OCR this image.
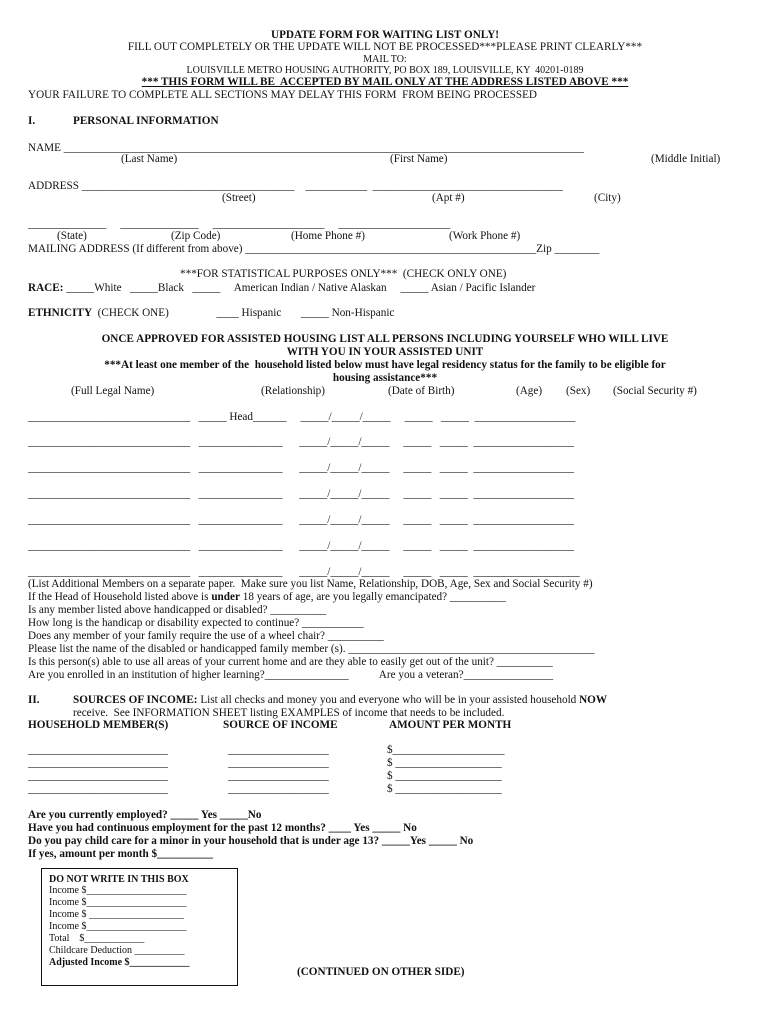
UPDATE FORM FOR WAITING LIST ONLY!
FILL OUT COMPLETELY OR THE UPDATE WILL NOT BE PROCESSED***PLEASE PRINT CLEARLY***
MAIL TO:
LOUISVILLE METRO HOUSING AUTHORITY, PO BOX 189, LOUISVILLE, KY  40201-0189
*** THIS FORM WILL BE  ACCEPTED BY MAIL ONLY AT THE ADDRESS LISTED ABOVE ***
YOUR FAILURE TO COMPLETE ALL SECTIONS MAY DELAY THIS FORM  FROM BEING PROCESSED
I.	PERSONAL INFORMATION
NAME _____________________________________________________________________________________________
(Last Name)	(First Name)	(Middle Initial)
ADDRESS ______________________________________    ___________  __________________________________
(Street)	(Apt #)	(City)
______________     ______________     ____________________     ____________________
(State)	(Zip Code)	(Home Phone #)	(Work Phone #)
MAILING ADDRESS (If different from above) ____________________________________________________Zip ________
***FOR STATISTICAL PURPOSES ONLY***  (CHECK ONLY ONE)
RACE: _____White   _____Black   _____     American Indian / Native Alaskan     _____ Asian / Pacific Islander
ETHNICITY  (CHECK ONE)                 ____ Hispanic       _____ Non-Hispanic
ONCE APPROVED FOR ASSISTED HOUSING LIST ALL PERSONS INCLUDING YOURSELF WHO WILL LIVE
WITH YOU IN YOUR ASSISTED UNIT
***At least one member of the  household listed below must have legal residency status for the family to be eligible for
housing assistance***
(Full Legal Name)	(Relationship)	(Date of Birth)	(Age) (Sex) (Social Security #)
_____________________________   _____ Head______     _____/_____/_____     _____   _____  __________________
_____________________________   _______________      _____/_____/_____     _____   _____  __________________
_____________________________   _______________      _____/_____/_____     _____   _____  __________________
_____________________________   _______________      _____/_____/_____     _____   _____  __________________
_____________________________   _______________      _____/_____/_____     _____   _____  __________________
_____________________________   _______________      _____/_____/_____     _____   _____  __________________
_____________________________   _______________      _____/_____/_____     _____   _____  ___________________
(List Additional Members on a separate paper.  Make sure you list Name, Relationship, DOB, Age, Sex and Social Security #)
If the Head of Household listed above is under 18 years of age, are you legally emancipated? __________
Is any member listed above handicapped or disabled? __________
How long is the handicap or disability expected to continue? ___________
Does any member of your family require the use of a wheel chair? __________
Please list the name of the disabled or handicapped family member (s). ____________________________________________
Is this person(s) able to use all areas of your current home and are they able to easily get out of the unit? __________
Are you enrolled in an institution of higher learning?_______________           Are you a veteran?________________
II.	SOURCES OF INCOME: List all checks and money you and everyone who will be in your assisted household NOW
receive.  See INFORMATION SHEET listing EXAMPLES of income that needs to be included.
HOUSEHOLD MEMBER(S)	SOURCE OF INCOME	AMOUNT PER MONTH
_________________________	__________________	$____________________
_________________________	__________________	$ ___________________
_________________________	__________________	$ ___________________
_________________________	__________________	$ ___________________
Are you currently employed? _____ Yes _____No
Have you had continuous employment for the past 12 months? ____ Yes _____ No
Do you pay child care for a minor in your household that is under age 13? _____Yes _____ No
If yes, amount per month $__________
DO NOT WRITE IN THIS BOX
Income $____________________
Income $____________________
Income $ ___________________
Income $____________________
Total    $____________
Childcare Deduction __________
Adjusted Income $____________
(CONTINUED ON OTHER SIDE)
